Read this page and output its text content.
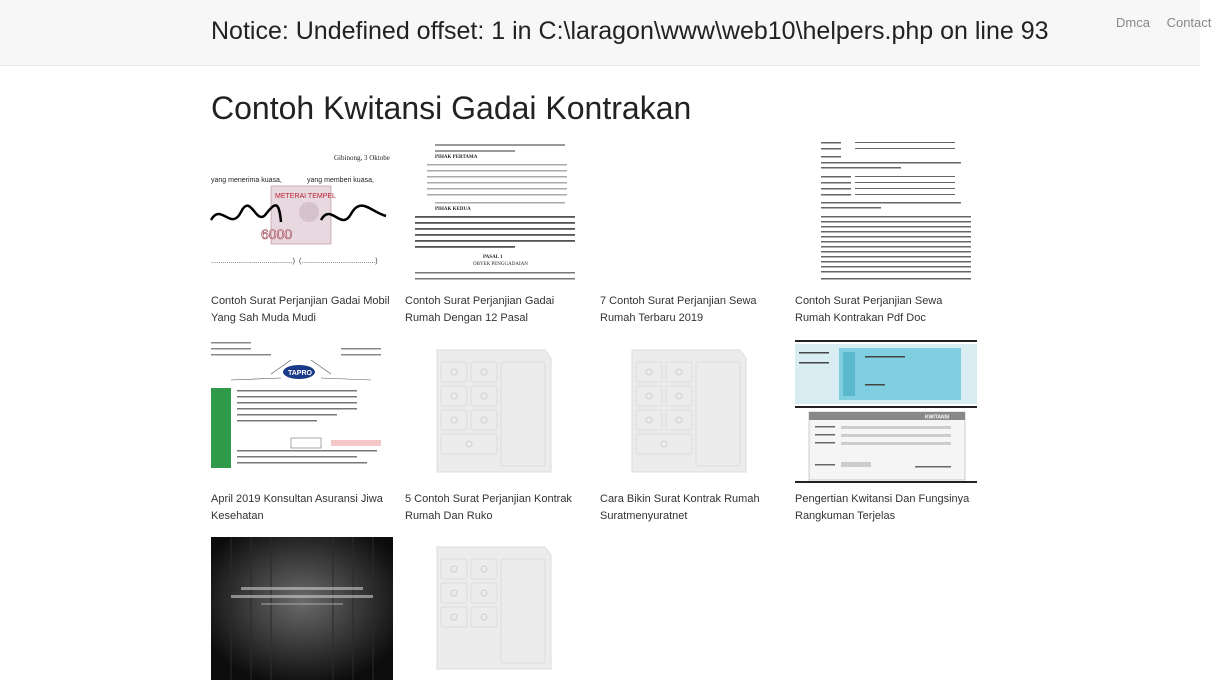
Notice: Undefined offset: 1 in C:\laragon\www\web10\helpers.php on line 93	Dmca Contact
Contoh Kwitansi Gadai Kontrakan
Gibinong, 3 Oktobe
yang menerima kuasa,	yang memberi kuasa,
METERAI TEMPEL
6000
..........................................) (......................................)
Contoh Surat Perjanjian Gadai Mobil Yang Sah Muda Mudi
PIHAK PERTAMA
PIHAK KEDUA
PASAL 1
OBYEK PENGGADAIAN
Contoh Surat Perjanjian Gadai Rumah Dengan 12 Pasal
7 Contoh Surat Perjanjian Sewa Rumah Terbaru 2019
Contoh Surat Perjanjian Sewa Rumah Kontrakan Pdf Doc
TAPRO
April 2019 Konsultan Asuransi Jiwa Kesehatan
5 Contoh Surat Perjanjian Kontrak Rumah Dan Ruko
Cara Bikin Surat Kontrak Rumah Suratmenyuratnet
KWITANSI
Pengertian Kwitansi Dan Fungsinya Rangkuman Terjelas
